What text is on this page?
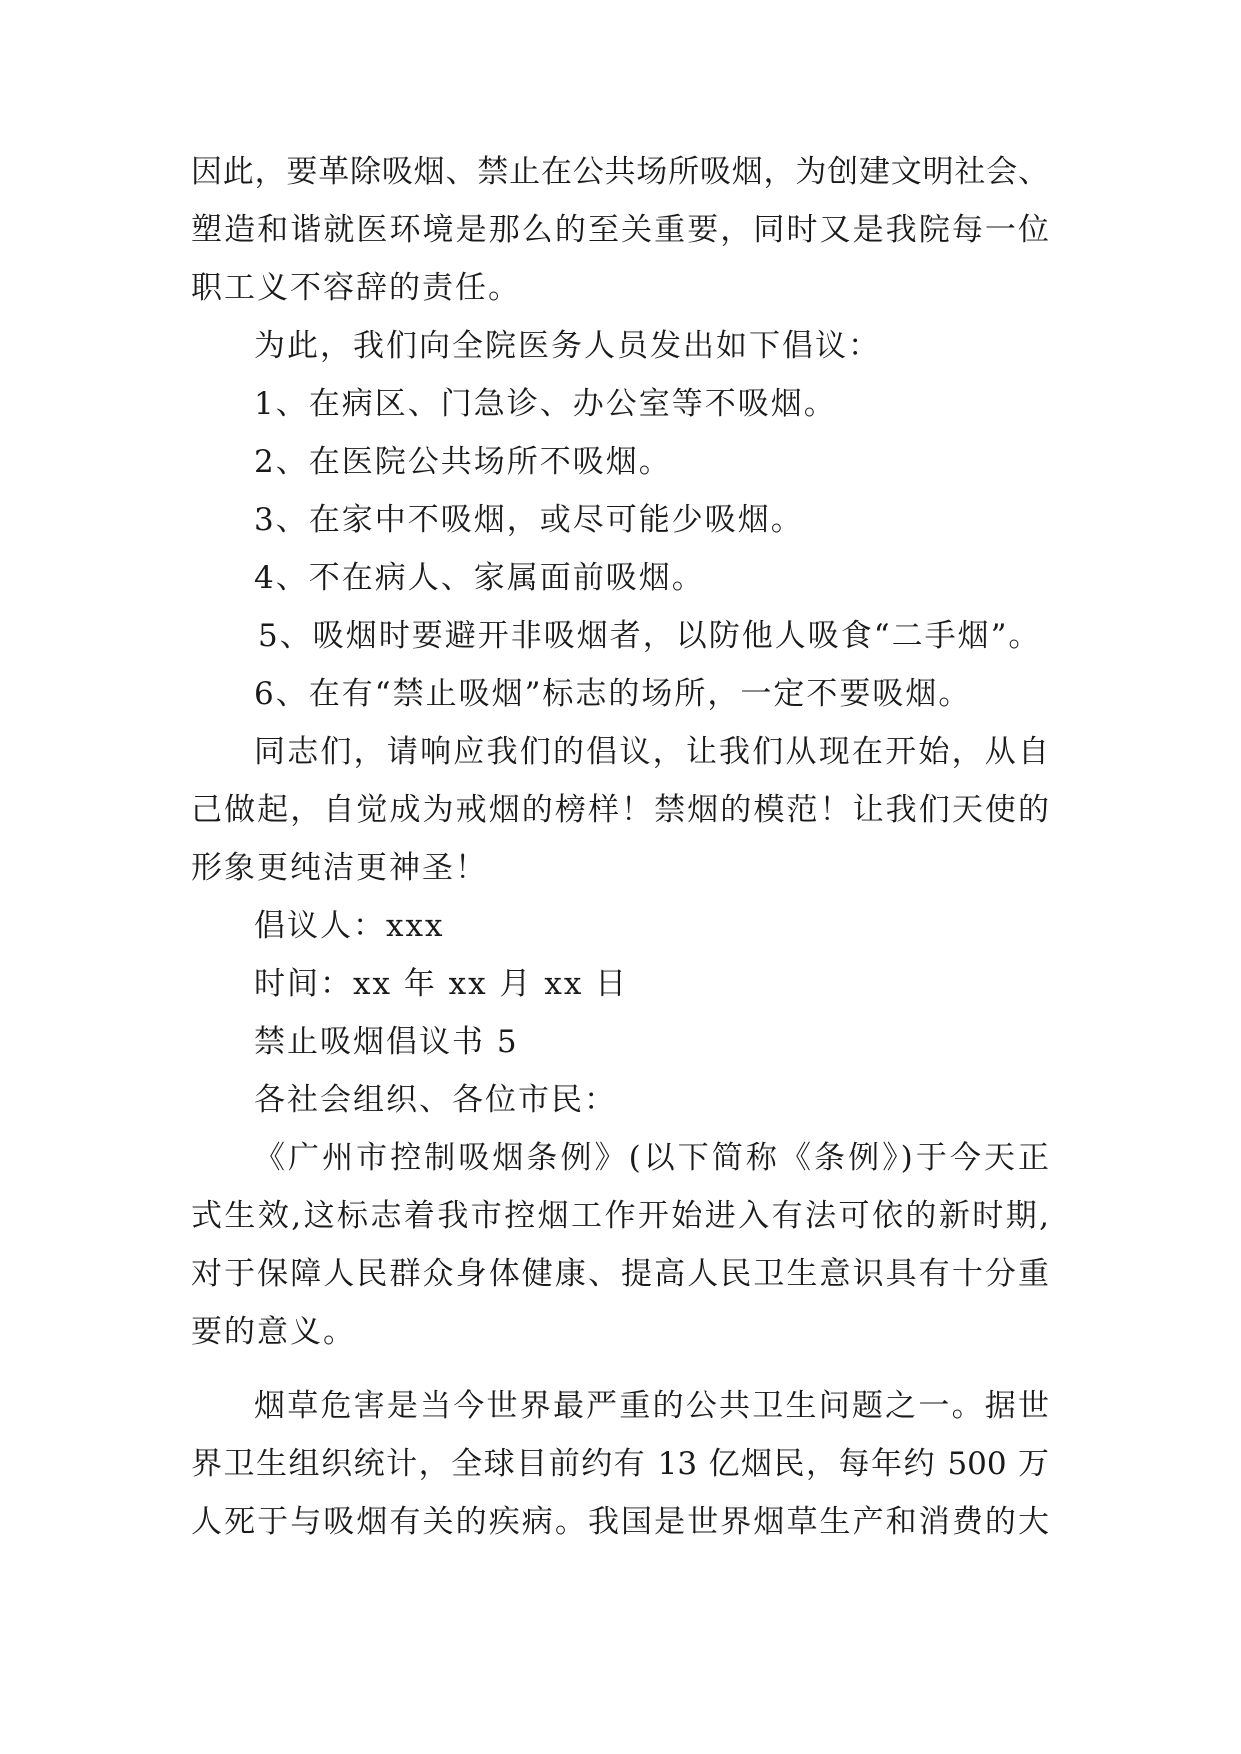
因此，要革除吸烟、禁止在公共场所吸烟，为创建文明社会、
塑造和谐就医环境是那么的至关重要，同时又是我院每一位
职工义不容辞的责任。
为此，我们向全院医务人员发出如下倡议：
1、在病区、门急诊、办公室等不吸烟。
2、在医院公共场所不吸烟。
3、在家中不吸烟，或尽可能少吸烟。
4、不在病人、家属面前吸烟。
5、吸烟时要避开非吸烟者，以防他人吸食“二手烟”。
6、在有“禁止吸烟”标志的场所，一定不要吸烟。
同志们，请响应我们的倡议，让我们从现在开始，从自
己做起，自觉成为戒烟的榜样！禁烟的模范！让我们天使的
形象更纯洁更神圣！
倡议人：xxx
时间：xx 年 xx 月 xx 日
禁止吸烟倡议书 5
各社会组织、各位市民：
《广州市控制吸烟条例》(以下简称《条例》)于今天正
式生效,这标志着我市控烟工作开始进入有法可依的新时期,
对于保障人民群众身体健康、提高人民卫生意识具有十分重
要的意义。
烟草危害是当今世界最严重的公共卫生问题之一。据世
界卫生组织统计，全球目前约有 13 亿烟民，每年约 500 万
人死于与吸烟有关的疾病。我国是世界烟草生产和消费的大
